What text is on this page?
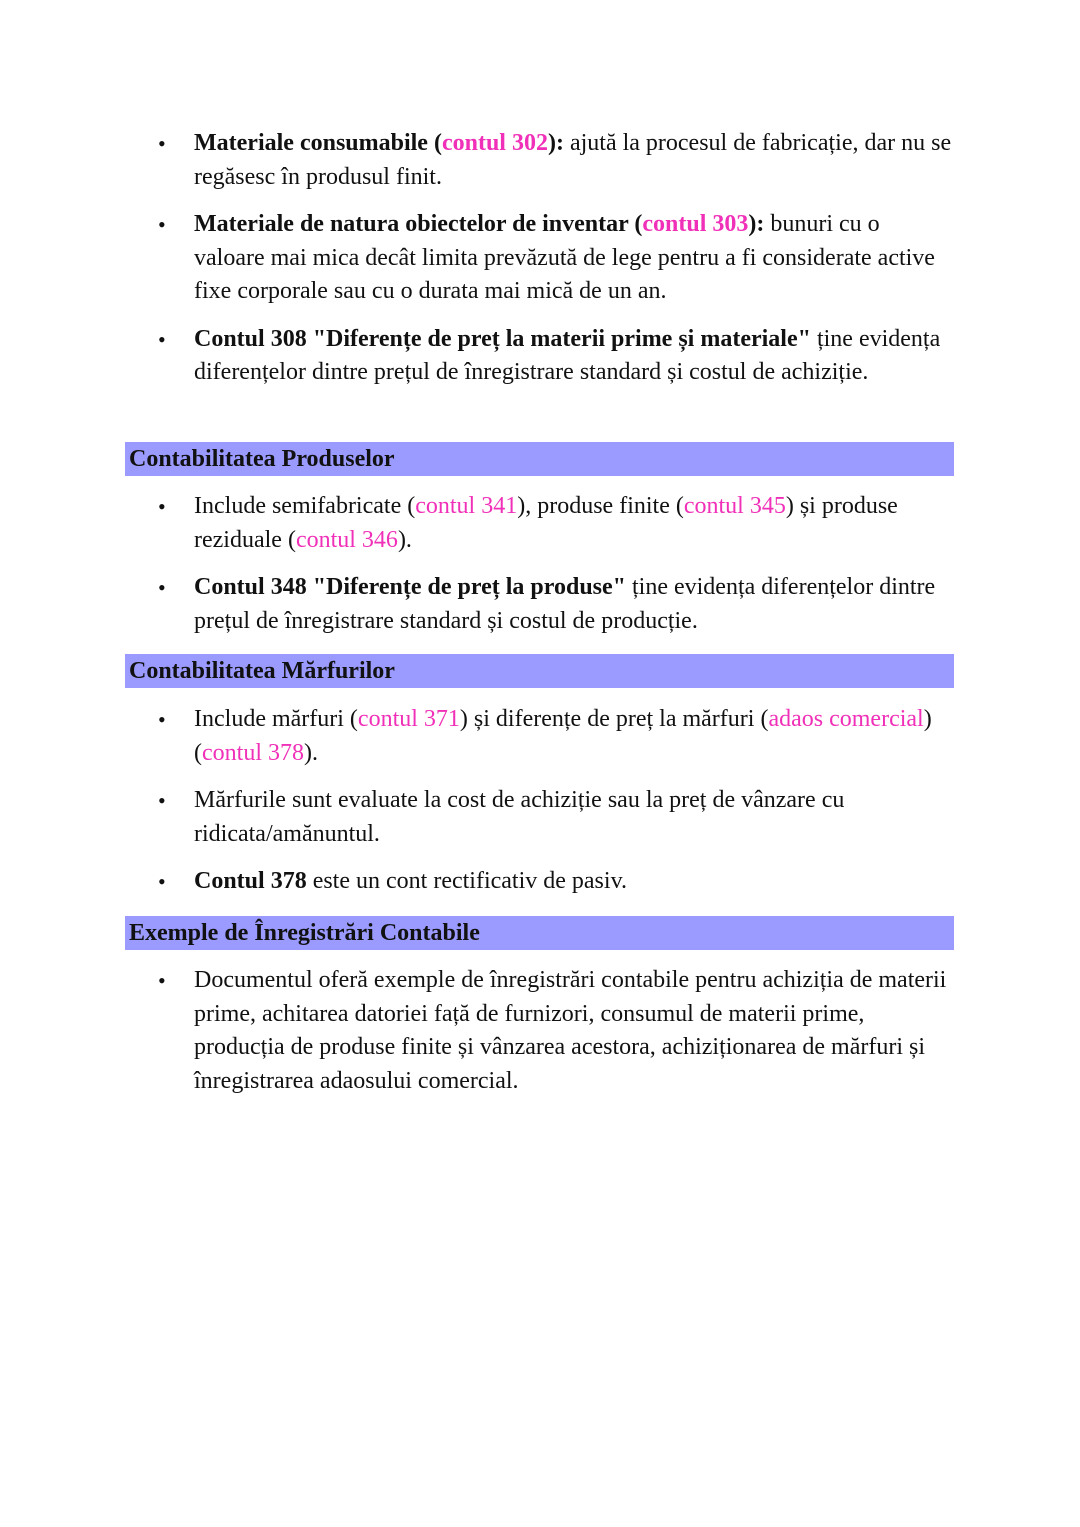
• Materiale consumabile (contul 302): ajută la procesul de fabricație, dar nu se regăsesc în produsul finit.
• Materiale de natura obiectelor de inventar (contul 303): bunuri cu o valoare mai mica decât limita prevăzută de lege pentru a fi considerate active fixe corporale sau cu o durata mai mică de un an.
• Contul 308 "Diferențe de preț la materii prime și materiale" ține evidența diferențelor dintre prețul de înregistrare standard și costul de achiziție.
Contabilitatea Produselor
• Include semifabricate (contul 341), produse finite (contul 345) și produse reziduale (contul 346).
• Contul 348 "Diferențe de preț la produse" ține evidența diferențelor dintre prețul de înregistrare standard și costul de producție.
Contabilitatea Mărfurilor
• Include mărfuri (contul 371) și diferențe de preț la mărfuri (adaos comercial) (contul 378).
• Mărfurile sunt evaluate la cost de achiziție sau la preț de vânzare cu ridicata/amănuntul.
• Contul 378 este un cont rectificativ de pasiv.
Exemple de Înregistrări Contabile
• Documentul oferă exemple de înregistrări contabile pentru achiziția de materii prime, achitarea datoriei față de furnizori, consumul de materii prime, producția de produse finite și vânzarea acestora, achiziționarea de mărfuri și înregistrarea adaosului comercial.
